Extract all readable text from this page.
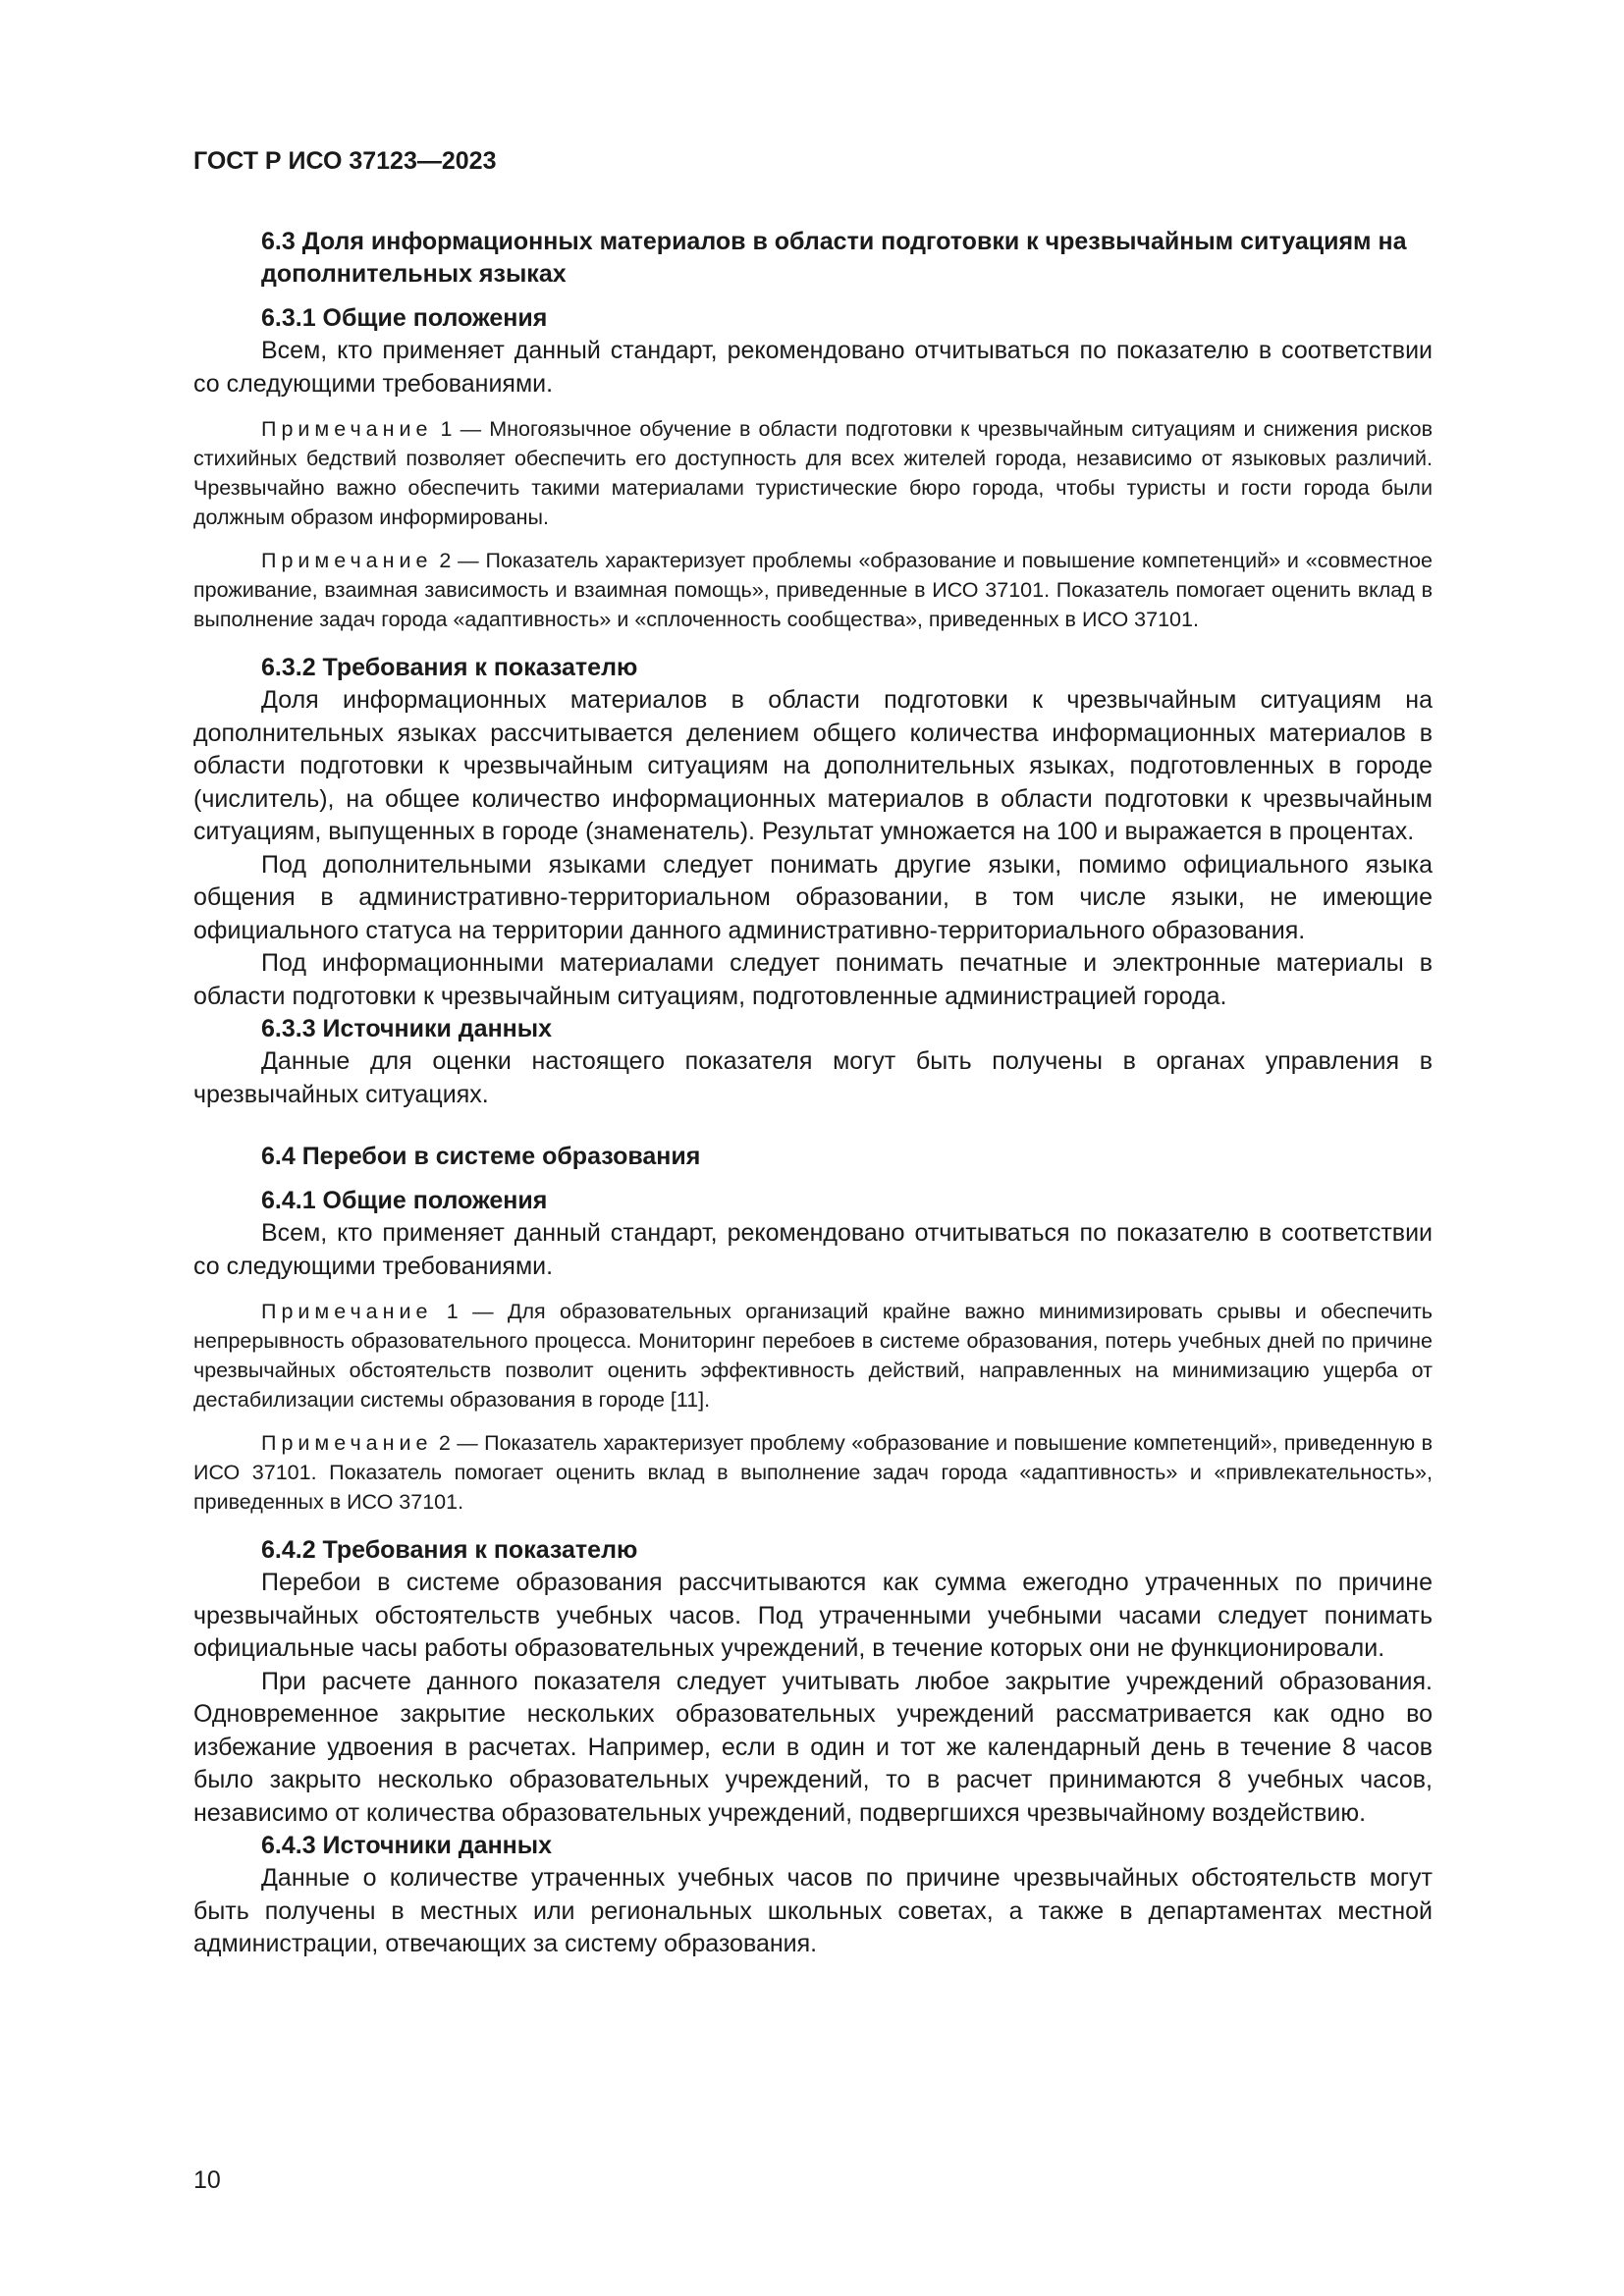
ГОСТ Р ИСО 37123—2023
6.3 Доля информационных материалов в области подготовки к чрезвычайным ситуациям на дополнительных языках
6.3.1 Общие положения

Всем, кто применяет данный стандарт, рекомендовано отчитываться по показателю в соответствии со следующими требованиями.

Примечание 1 — Многоязычное обучение в области подготовки к чрезвычайным ситуациям и снижения рисков стихийных бедствий позволяет обеспечить его доступность для всех жителей города, независимо от языковых различий. Чрезвычайно важно обеспечить такими материалами туристические бюро города, чтобы туристы и гости города были должным образом информированы.

Примечание 2 — Показатель характеризует проблемы «образование и повышение компетенций» и «совместное проживание, взаимная зависимость и взаимная помощь», приведенные в ИСО 37101. Показатель помогает оценить вклад в выполнение задач города «адаптивность» и «сплоченность сообщества», приведенных в ИСО 37101.

6.3.2 Требования к показателю

Доля информационных материалов в области подготовки к чрезвычайным ситуациям на дополнительных языках рассчитывается делением общего количества информационных материалов в области подготовки к чрезвычайным ситуациям на дополнительных языках, подготовленных в городе (числитель), на общее количество информационных материалов в области подготовки к чрезвычайным ситуациям, выпущенных в городе (знаменатель). Результат умножается на 100 и выражается в процентах.

Под дополнительными языками следует понимать другие языки, помимо официального языка общения в административно-территориальном образовании, в том числе языки, не имеющие официального статуса на территории данного административно-территориального образования.

Под информационными материалами следует понимать печатные и электронные материалы в области подготовки к чрезвычайным ситуациям, подготовленные администрацией города.

6.3.3 Источники данных

Данные для оценки настоящего показателя могут быть получены в органах управления в чрезвычайных ситуациях.

6.4 Перебои в системе образования
6.4.1 Общие положения

Всем, кто применяет данный стандарт, рекомендовано отчитываться по показателю в соответствии со следующими требованиями.

Примечание 1 — Для образовательных организаций крайне важно минимизировать срывы и обеспечить непрерывность образовательного процесса. Мониторинг перебоев в системе образования, потерь учебных дней по причине чрезвычайных обстоятельств позволит оценить эффективность действий, направленных на минимизацию ущерба от дестабилизации системы образования в городе [11].

Примечание 2 — Показатель характеризует проблему «образование и повышение компетенций», приведенную в ИСО 37101. Показатель помогает оценить вклад в выполнение задач города «адаптивность» и «привлекательность», приведенных в ИСО 37101.

6.4.2 Требования к показателю

Перебои в системе образования рассчитываются как сумма ежегодно утраченных по причине чрезвычайных обстоятельств учебных часов. Под утраченными учебными часами следует понимать официальные часы работы образовательных учреждений, в течение которых они не функционировали.

При расчете данного показателя следует учитывать любое закрытие учреждений образования. Одновременное закрытие нескольких образовательных учреждений рассматривается как одно во избежание удвоения в расчетах. Например, если в один и тот же календарный день в течение 8 часов было закрыто несколько образовательных учреждений, то в расчет принимаются 8 учебных часов, независимо от количества образовательных учреждений, подвергшихся чрезвычайному воздействию.

6.4.3 Источники данных

Данные о количестве утраченных учебных часов по причине чрезвычайных обстоятельств могут быть получены в местных или региональных школьных советах, а также в департаментах местной администрации, отвечающих за систему образования.

10
